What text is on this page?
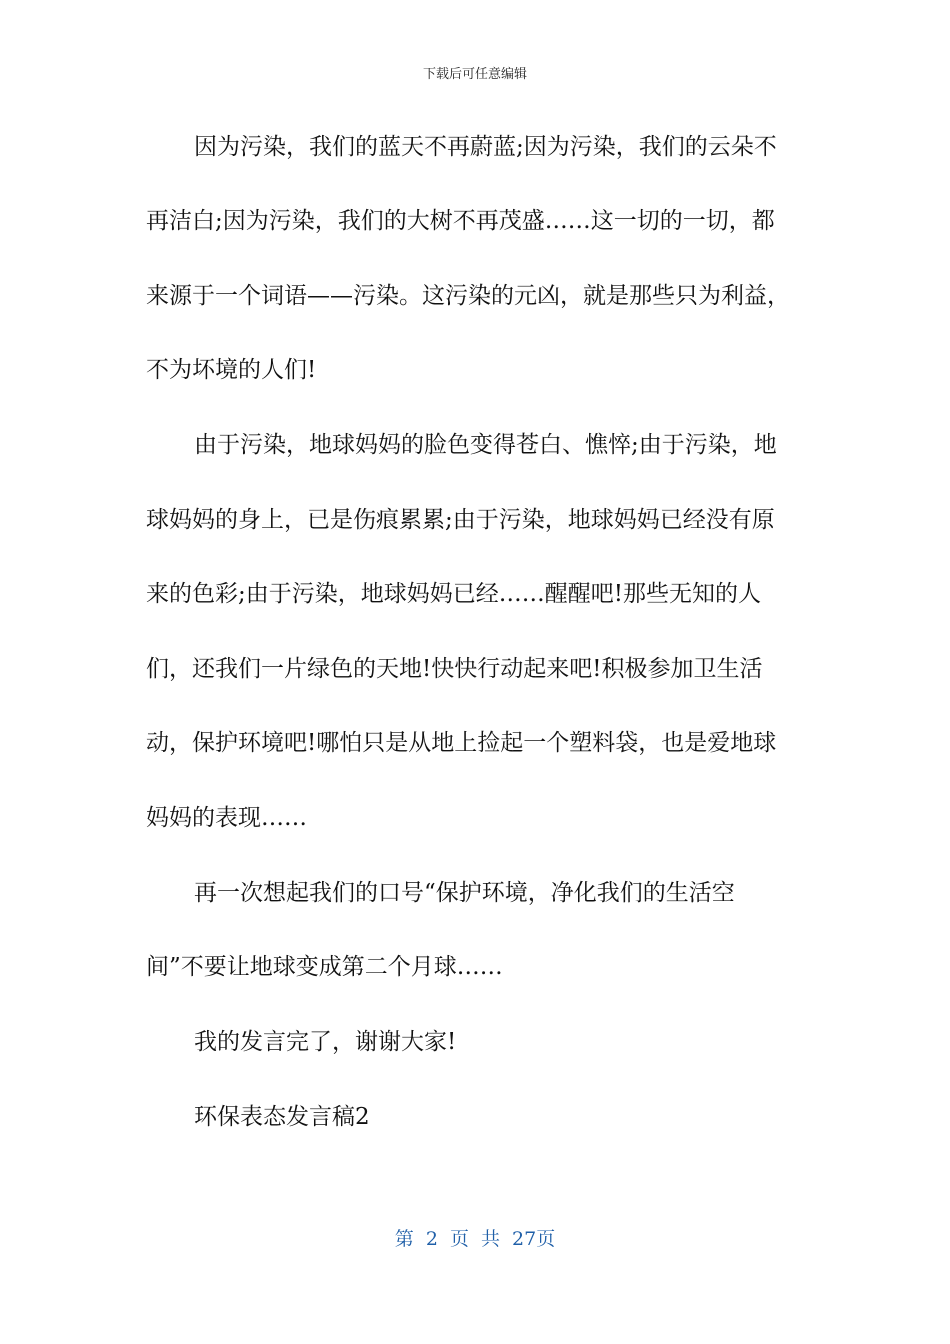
下载后可任意编辑
因为污染，我们的蓝天不再蔚蓝;因为污染，我们的云朵不
再洁白;因为污染，我们的大树不再茂盛……这一切的一切，都
来源于一个词语——污染。这污染的元凶，就是那些只为利益，
不为坏境的人们!
由于污染，地球妈妈的脸色变得苍白、憔悴;由于污染，地
球妈妈的身上，已是伤痕累累;由于污染，地球妈妈已经没有原
来的色彩;由于污染，地球妈妈已经……醒醒吧!那些无知的人
们，还我们一片绿色的天地!快快行动起来吧!积极参加卫生活
动，保护环境吧!哪怕只是从地上捡起一个塑料袋，也是爱地球
妈妈的表现……
再一次想起我们的口号“保护环境，净化我们的生活空
间”不要让地球变成第二个月球……
我的发言完了，谢谢大家!
环保表态发言稿2
第 2 页 共 27页
